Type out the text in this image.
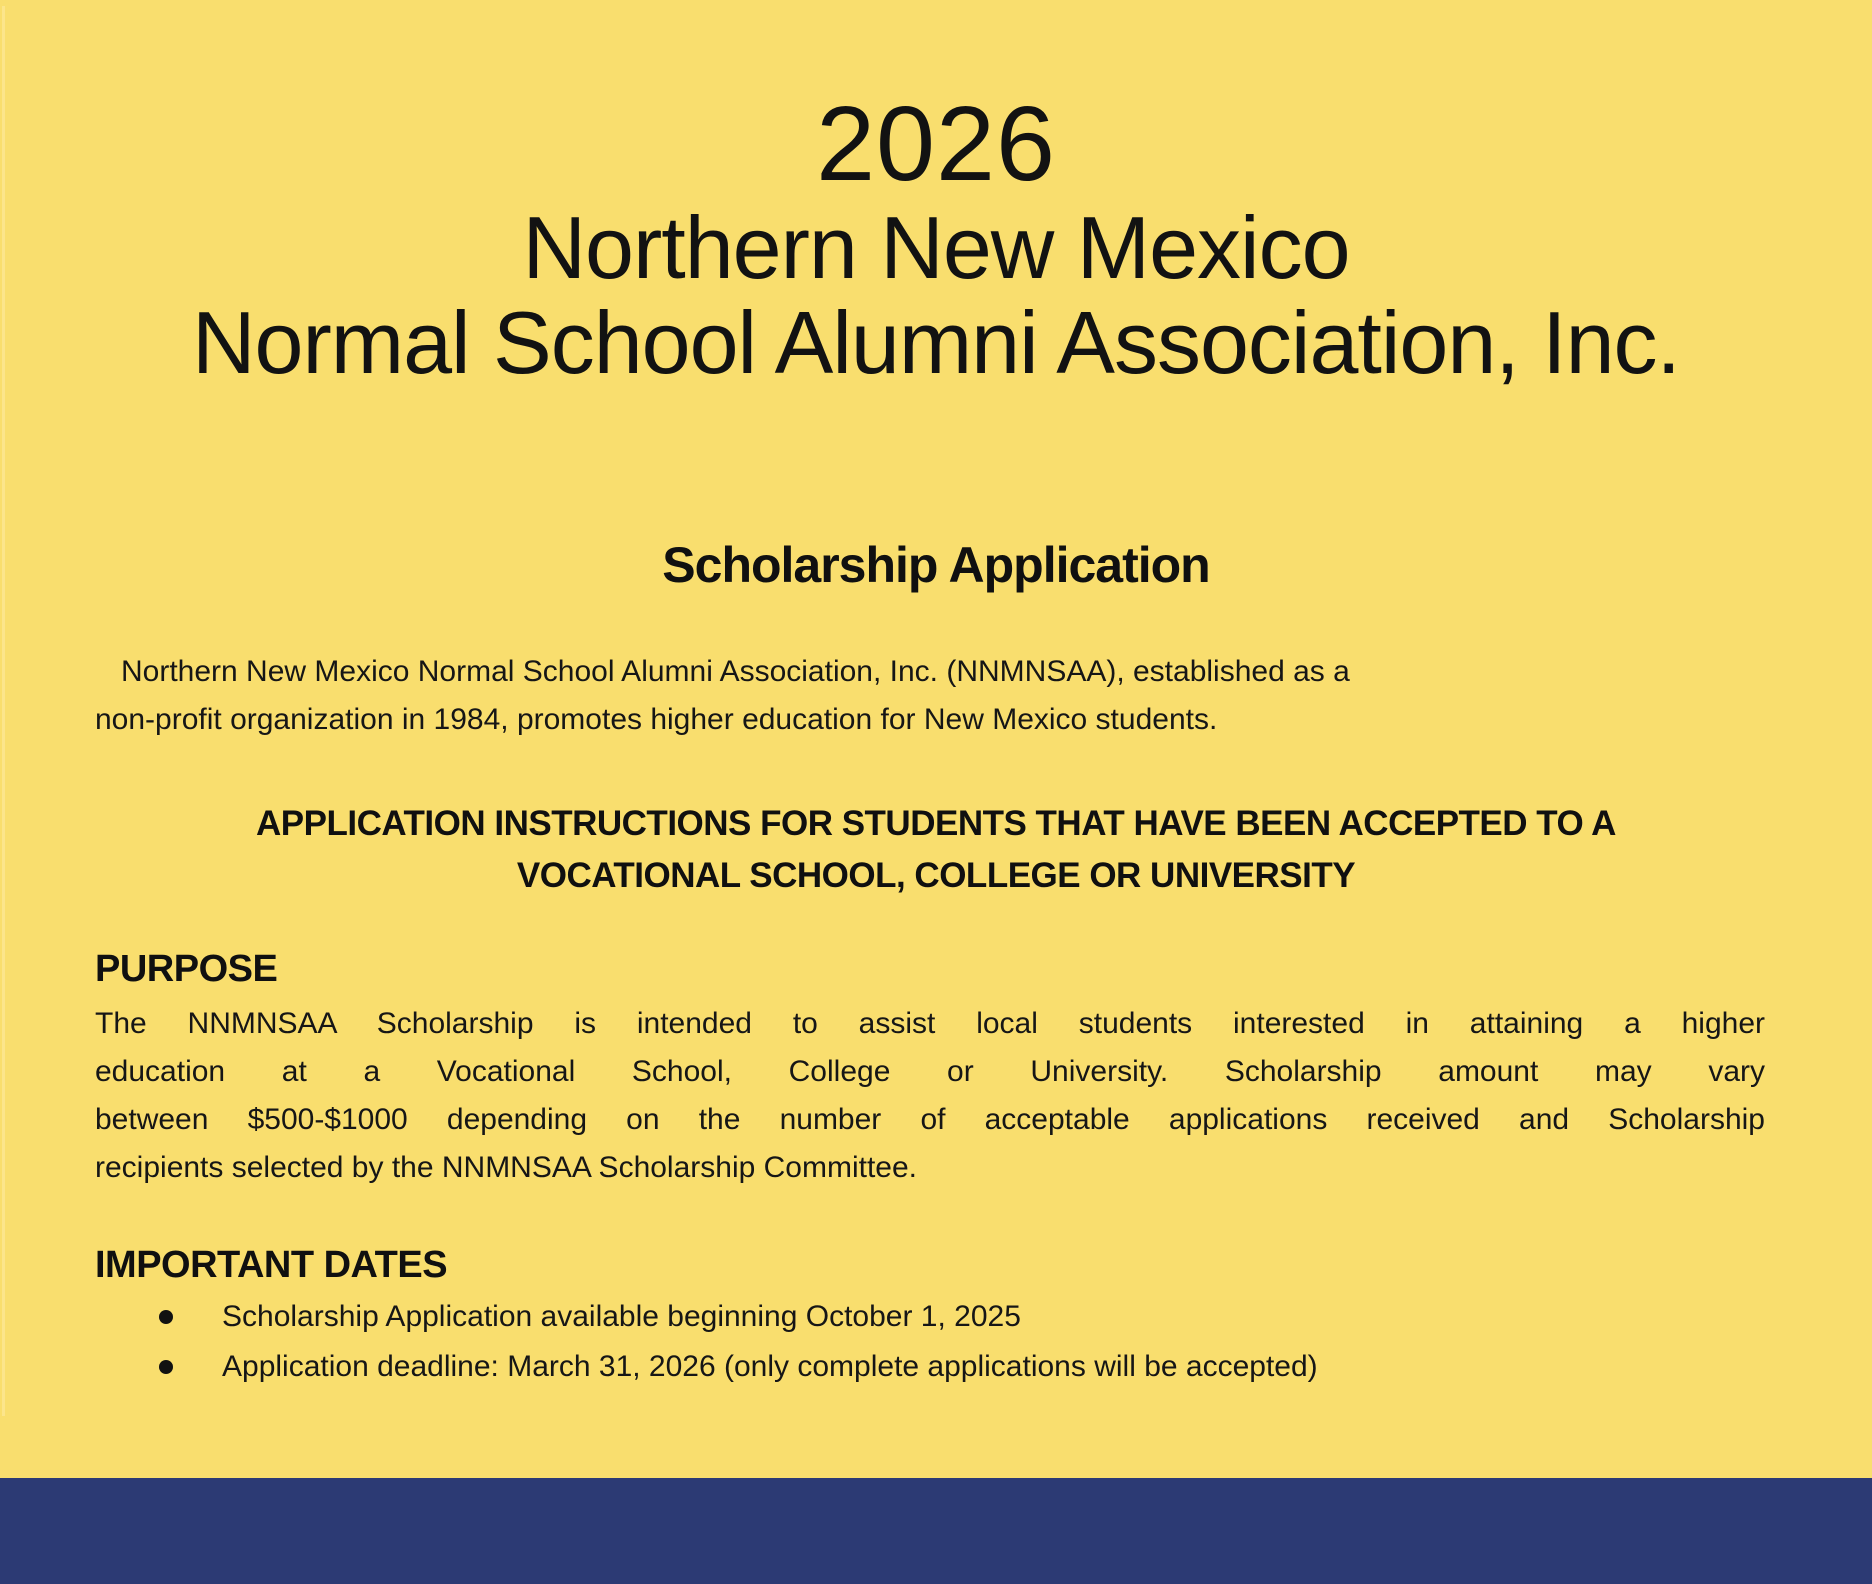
2026
Northern New Mexico
Normal School Alumni Association, Inc.
Scholarship Application
Northern New Mexico Normal School Alumni Association, Inc. (NNMNSAA), established as a
non-profit organization in 1984, promotes higher education for New Mexico students.
APPLICATION INSTRUCTIONS FOR STUDENTS THAT HAVE BEEN ACCEPTED TO A
VOCATIONAL SCHOOL, COLLEGE OR UNIVERSITY
PURPOSE
The NNMNSAA Scholarship is intended to assist local students interested in attaining a higher
education at a Vocational School, College or University. Scholarship amount may vary
between $500-$1000 depending on the number of acceptable applications received and Scholarship
recipients selected by the NNMNSAA Scholarship Committee.
IMPORTANT DATES
Scholarship Application available beginning October 1, 2025
Application deadline: March 31, 2026 (only complete applications will be accepted)
